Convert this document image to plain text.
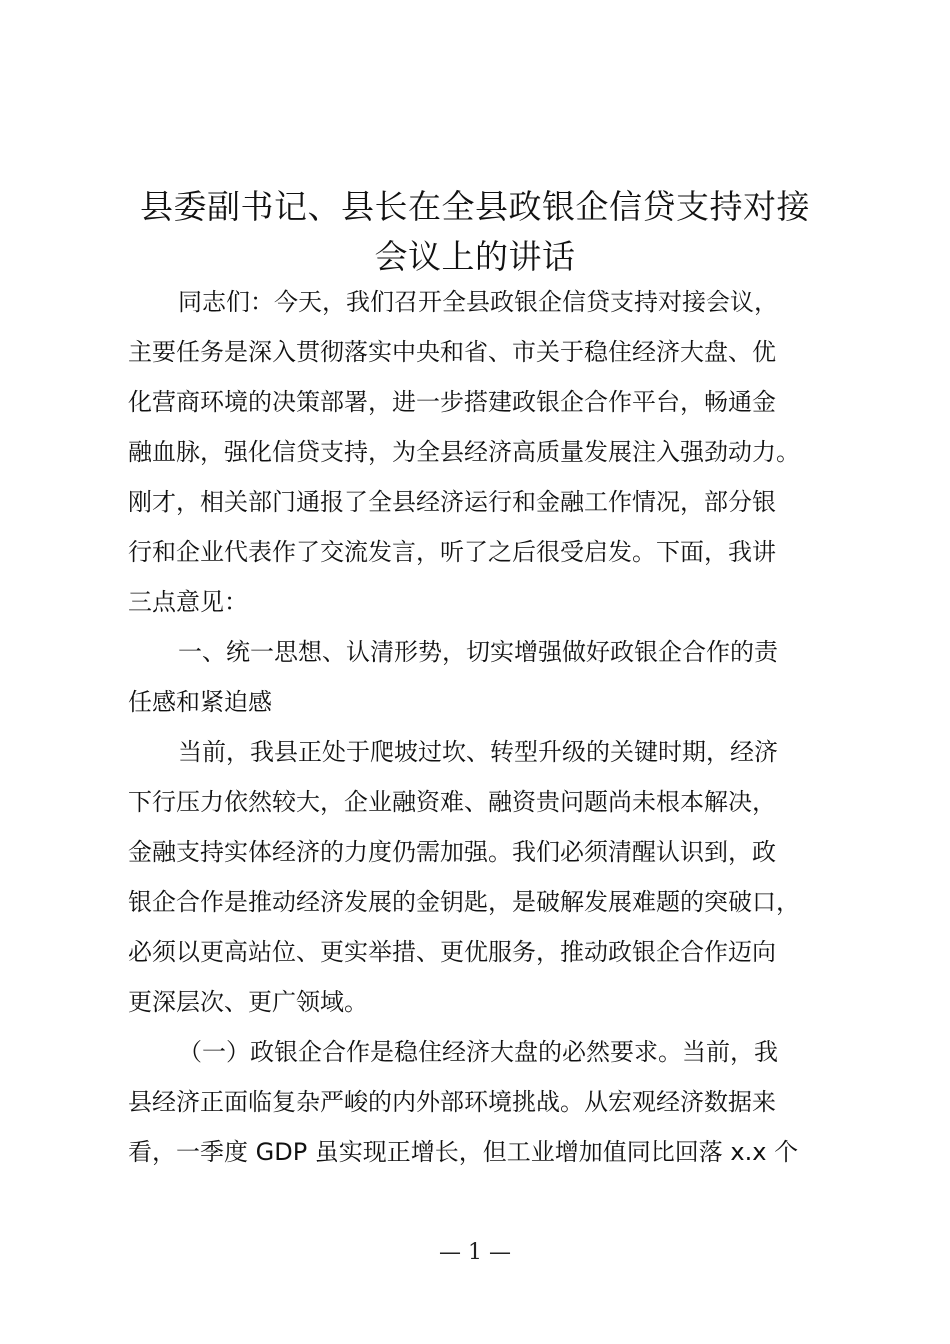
县委副书记、县长在全县政银企信贷支持对接
会议上的讲话
同志们：今天，我们召开全县政银企信贷支持对接会议，
主要任务是深入贯彻落实中央和省、市关于稳住经济大盘、优
化营商环境的决策部署，进一步搭建政银企合作平台，畅通金
融血脉，强化信贷支持，为全县经济高质量发展注入强劲动力。
刚才，相关部门通报了全县经济运行和金融工作情况，部分银
行和企业代表作了交流发言，听了之后很受启发。下面，我讲
三点意见：
一、统一思想、认清形势，切实增强做好政银企合作的责
任感和紧迫感
当前，我县正处于爬坡过坎、转型升级的关键时期，经济
下行压力依然较大，企业融资难、融资贵问题尚未根本解决，
金融支持实体经济的力度仍需加强。我们必须清醒认识到，政
银企合作是推动经济发展的金钥匙，是破解发展难题的突破口，
必须以更高站位、更实举措、更优服务，推动政银企合作迈向
更深层次、更广领域。
（一）政银企合作是稳住经济大盘的必然要求。当前，我
县经济正面临复杂严峻的内外部环境挑战。从宏观经济数据来
看，一季度 GDP 虽实现正增长，但工业增加值同比回落 x.x 个
— 1 —
